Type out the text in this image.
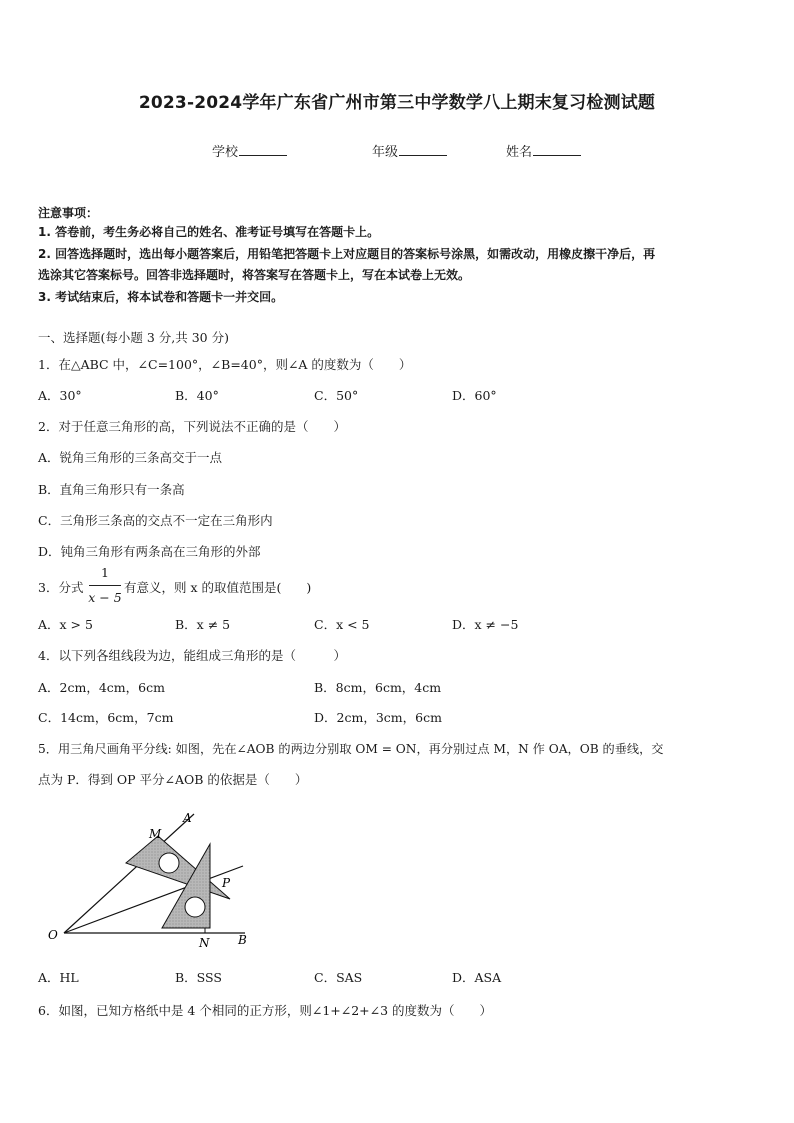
2023-2024学年广东省广州市第三中学数学八上期末复习检测试题
学校	年级	姓名
注意事项：
1. 答卷前，考生务必将自己的姓名、准考证号填写在答题卡上。
2. 回答选择题时，选出每小题答案后，用铅笔把答题卡上对应题目的答案标号涂黑，如需改动，用橡皮擦干净后，再
选涂其它答案标号。回答非选择题时，将答案写在答题卡上，写在本试卷上无效。
3. 考试结束后，将本试卷和答题卡一并交回。
一、选择题(每小题 3 分,共 30 分)
1．在△ABC 中，∠C=100°，∠B=40°，则∠A 的度数为（　　）
A．30°	B．40°	C．50°	D．60°
2．对于任意三角形的高，下列说法不正确的是（　　）
A．锐角三角形的三条高交于一点
B．直角三角形只有一条高
C．三角形三条高的交点不一定在三角形内
D．钝角三角形有两条高在三角形的外部
3．分式
1
x − 5
有意义，则 x 的取值范围是(　　)
A．x > 5	B．x ≠ 5	C．x < 5	D．x ≠ −5
4．以下列各组线段为边，能组成三角形的是（　　　）
A．2cm，4cm，6cm	B．8cm，6cm，4cm
C．14cm，6cm，7cm	D．2cm，3cm，6cm
5．用三角尺画角平分线: 如图，先在∠AOB 的两边分别取 OM = ON，再分别过点 M，N 作 OA，OB 的垂线，交
点为 P．得到 OP 平分∠AOB 的依据是（　　）
A
M
P
O
N B
A．HL	B．SSS	C．SAS	D．ASA
6．如图，已知方格纸中是 4 个相同的正方形，则∠1+∠2+∠3 的度数为（　　）
